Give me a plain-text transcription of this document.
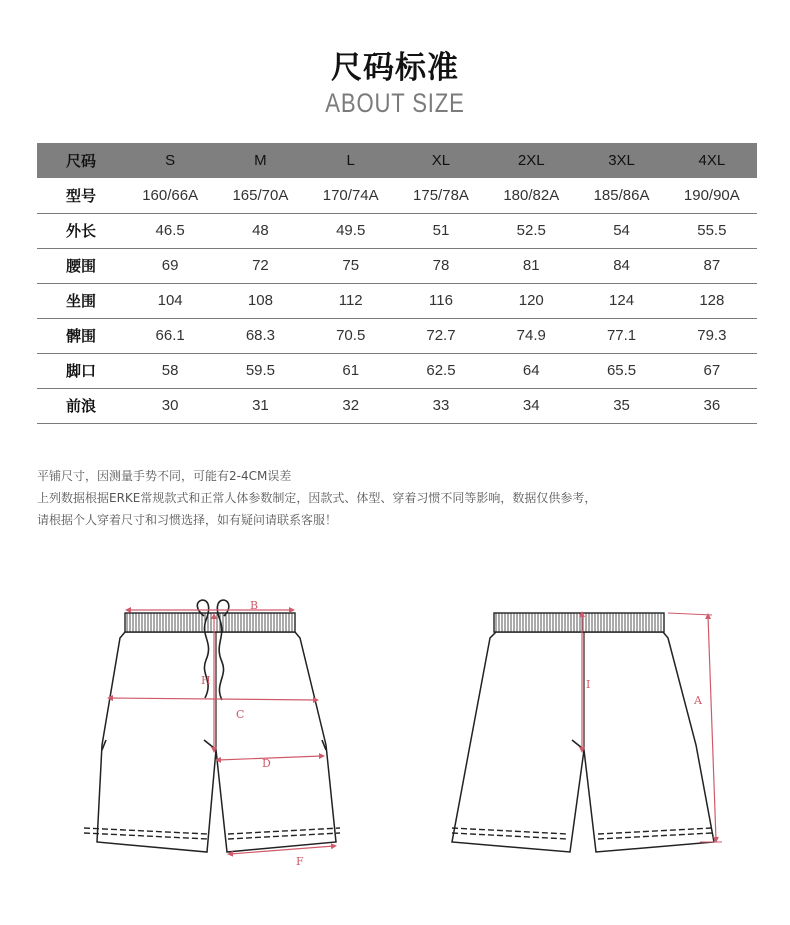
尺码标准
ABOUT SIZE
尺码	S	M	L	XL	2XL	3XL	4XL
型号	160/66A	165/70A	170/74A	175/78A	180/82A	185/86A	190/90A
外长	46.5	48	49.5	51	52.5	54	55.5
腰围	69	72	75	78	81	84	87
坐围	104	108	112	116	120	124	128
髀围	66.1	68.3	70.5	72.7	74.9	77.1	79.3
脚口	58	59.5	61	62.5	64	65.5	67
前浪	30	31	32	33	34	35	36
平铺尺寸，因测量手势不同，可能有2-4CM误差
上列数据根据ERKE常规款式和正常人体参数制定，因款式、体型、穿着习惯不同等影响，数据仅供参考，
请根据个人穿着尺寸和习惯选择，如有疑问请联系客服！
B
H
C
D
F
I
A
